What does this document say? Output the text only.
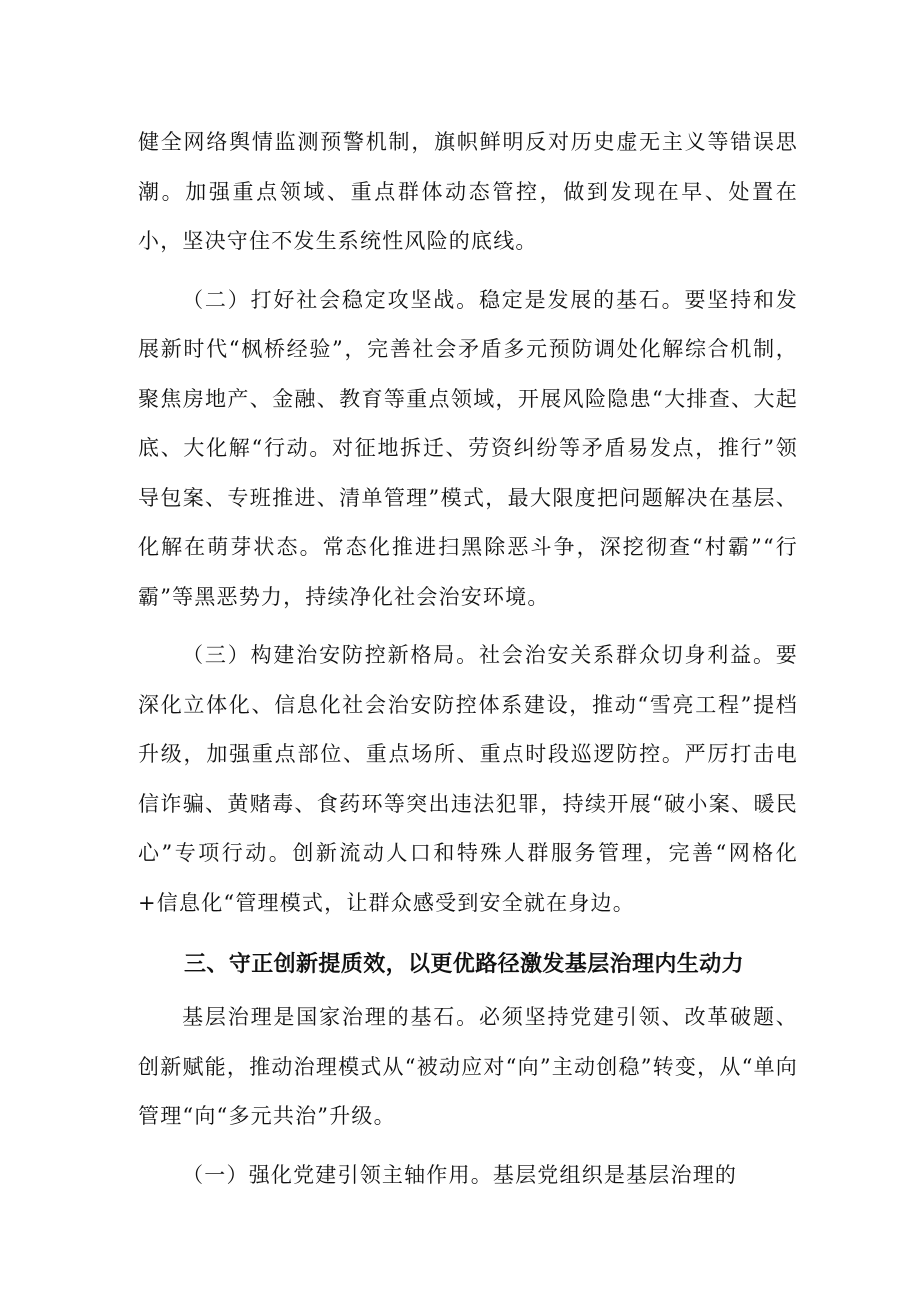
健全网络舆情监测预警机制，旗帜鲜明反对历史虚无主义等错误思潮。加强重点领域、重点群体动态管控，做到发现在早、处置在小，坚决守住不发生系统性风险的底线。

（二）打好社会稳定攻坚战。稳定是发展的基石。要坚持和发展新时代“枫桥经验”，完善社会矛盾多元预防调处化解综合机制，聚焦房地产、金融、教育等重点领域，开展风险隐患“大排查、大起底、大化解“行动。对征地拆迁、劳资纠纷等矛盾易发点，推行”领导包案、专班推进、清单管理”模式，最大限度把问题解决在基层、化解在萌芽状态。常态化推进扫黑除恶斗争，深挖彻查“村霸”“行霸”等黑恶势力，持续净化社会治安环境。

（三）构建治安防控新格局。社会治安关系群众切身利益。要深化立体化、信息化社会治安防控体系建设，推动“雪亮工程”提档升级，加强重点部位、重点场所、重点时段巡逻防控。严厉打击电信诈骗、黄赌毒、食药环等突出违法犯罪，持续开展“破小案、暖民心”专项行动。创新流动人口和特殊人群服务管理，完善“网格化+信息化“管理模式，让群众感受到安全就在身边。

三、守正创新提质效，以更优路径激发基层治理内生动力

基层治理是国家治理的基石。必须坚持党建引领、改革破题、创新赋能，推动治理模式从“被动应对“向”主动创稳”转变，从“单向管理“向“多元共治”升级。

（一）强化党建引领主轴作用。基层党组织是基层治理的
